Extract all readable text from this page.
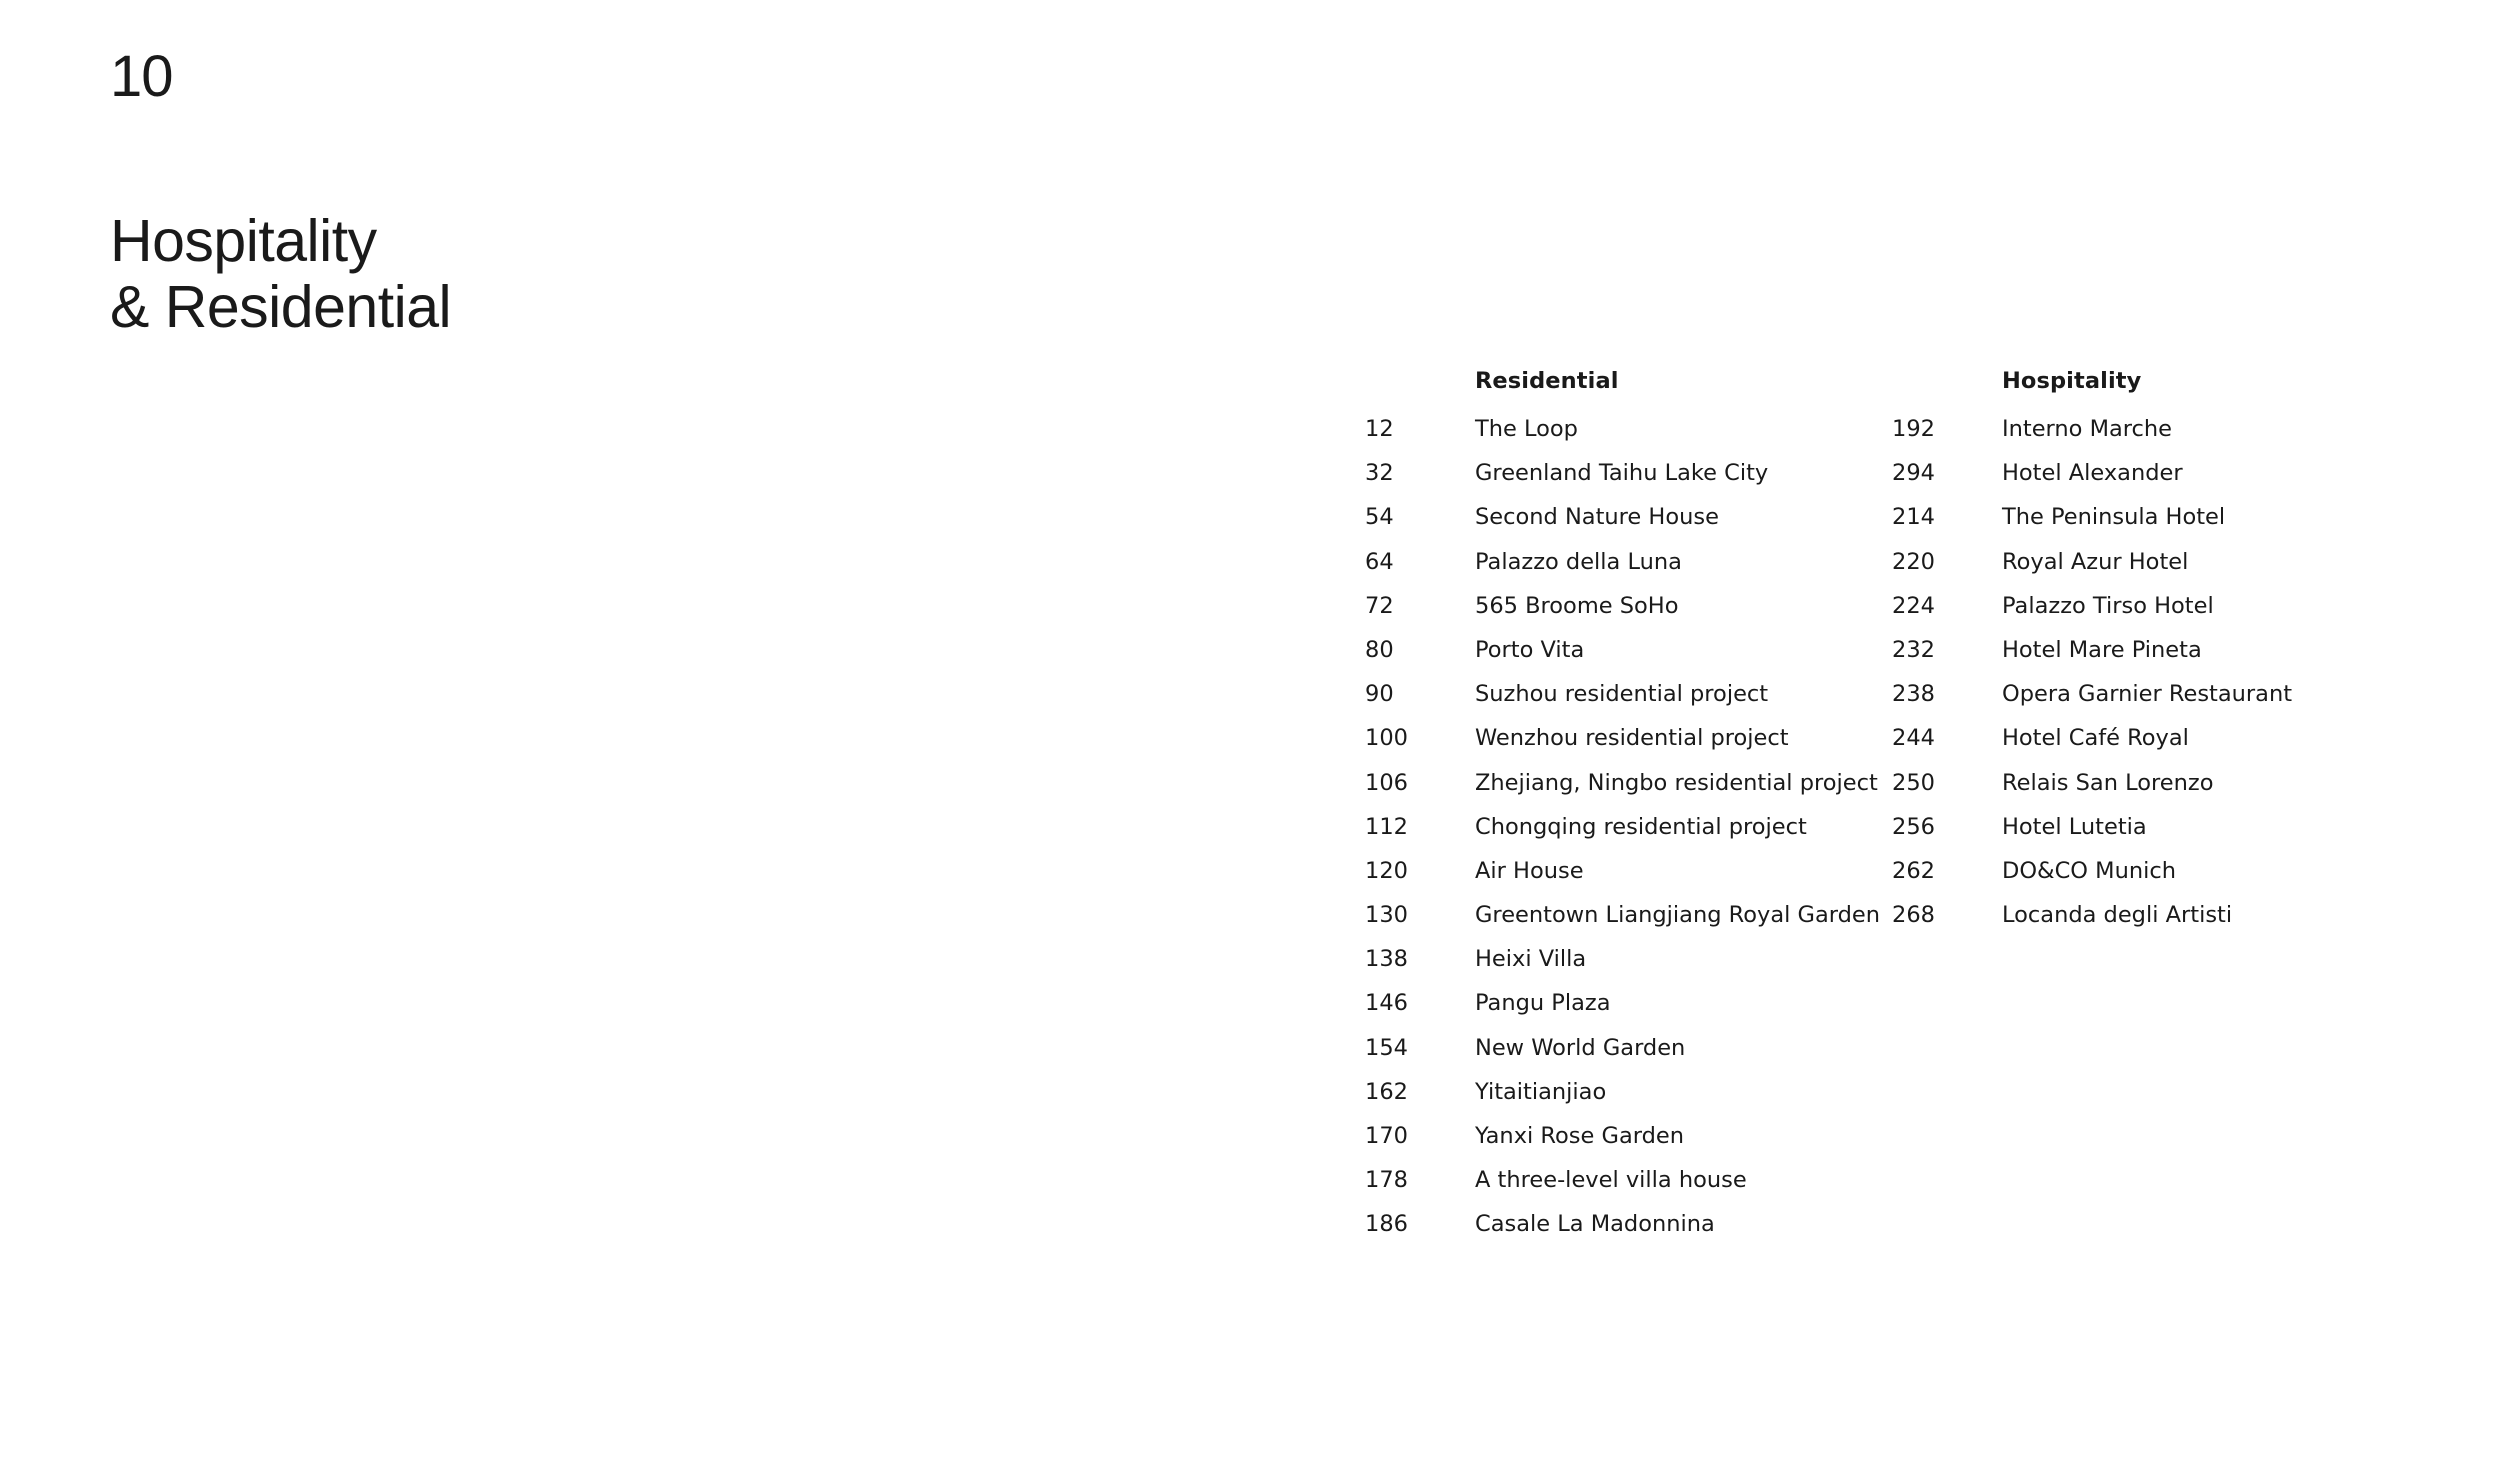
10
Hospitality
& Residential
Residential
12	The Loop
32	Greenland Taihu Lake City
54	Second Nature House
64	Palazzo della Luna
72	565 Broome SoHo
80	Porto Vita
90	Suzhou residential project
100	Wenzhou residential project
106	Zhejiang, Ningbo residential project
112	Chongqing residential project
120	Air House
130	Greentown Liangjiang Royal Garden
138	Heixi Villa
146	Pangu Plaza
154	New World Garden
162	Yitaitianjiao
170	Yanxi Rose Garden
178	A three-level villa house
186	Casale La Madonnina
Hospitality
192	Interno Marche
294	Hotel Alexander
214	The Peninsula Hotel
220	Royal Azur Hotel
224	Palazzo Tirso Hotel
232	Hotel Mare Pineta
238	Opera Garnier Restaurant
244	Hotel Café Royal
250	Relais San Lorenzo
256	Hotel Lutetia
262	DO&CO Munich
268	Locanda degli Artisti
